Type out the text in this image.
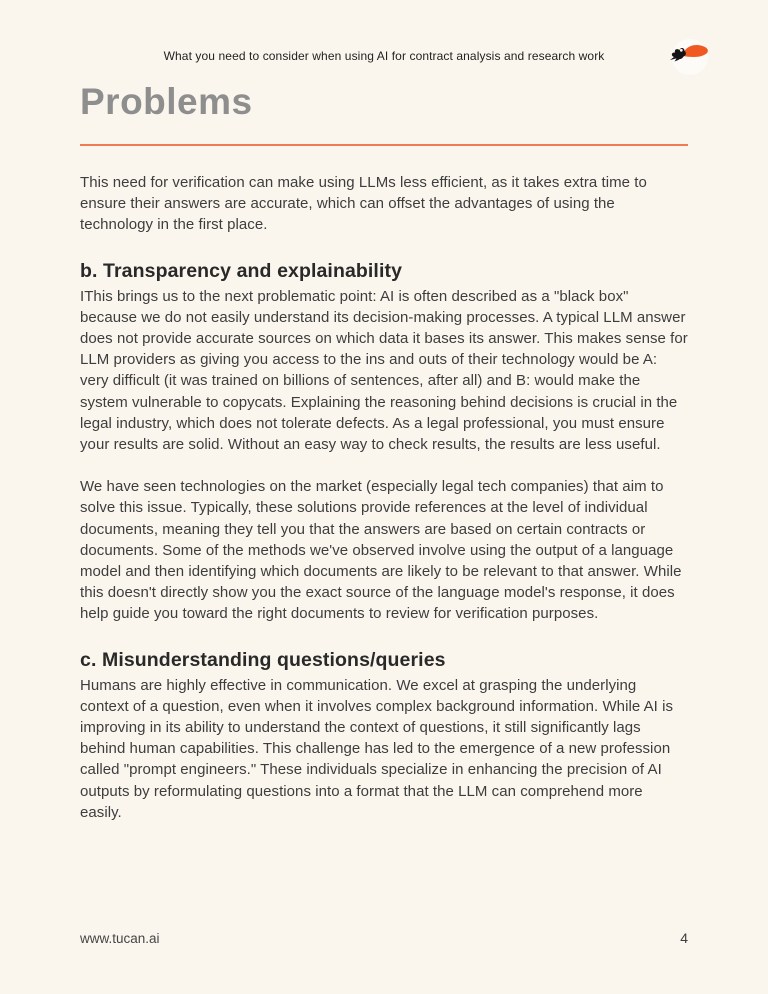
What you need to consider when using AI for contract analysis and research work
Problems

This need for verification can make using LLMs less efficient, as it takes extra time to ensure their answers are accurate, which can offset the advantages of using the technology in the first place.

b. Transparency and explainability

IThis brings us to the next problematic point: AI is often described as a "black box" because we do not easily understand its decision-making processes. A typical LLM answer does not provide accurate sources on which data it bases its answer. This makes sense for LLM providers as giving you access to the ins and outs of their technology would be A: very difficult (it was trained on billions of sentences, after all) and B: would make the system vulnerable to copycats. Explaining the reasoning behind decisions is crucial in the legal industry, which does not tolerate defects. As a legal professional, you must ensure your results are solid. Without an easy way to check results, the results are less useful.

We have seen technologies on the market (especially legal tech companies) that aim to solve this issue. Typically, these solutions provide references at the level of individual documents, meaning they tell you that the answers are based on certain contracts or documents. Some of the methods we've observed involve using the output of a language model and then identifying which documents are likely to be relevant to that answer. While this doesn't directly show you the exact source of the language model's response, it does help guide you toward the right documents to review for verification purposes.

c. Misunderstanding questions/queries

Humans are highly effective in communication. We excel at grasping the underlying context of a question, even when it involves complex background information. While AI is improving in its ability to understand the context of questions, it still significantly lags behind human capabilities. This challenge has led to the emergence of a new profession called "prompt engineers." These individuals specialize in enhancing the precision of AI outputs by reformulating questions into a format that the LLM can comprehend more easily.

www.tucan.ai	4
